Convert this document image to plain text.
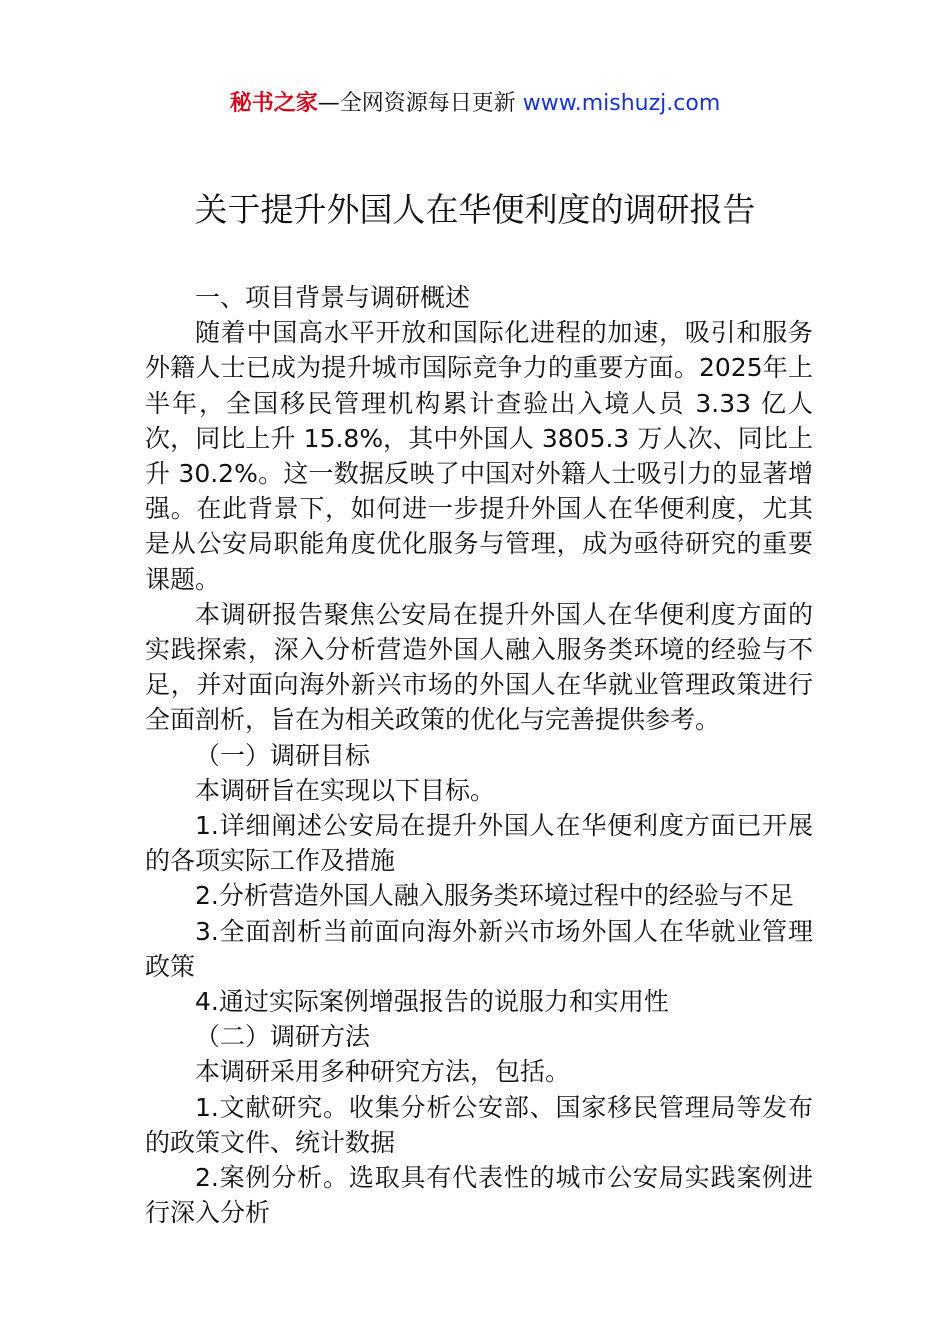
秘书之家—全网资源每日更新 www.mishuzj.com
关于提升外国人在华便利度的调研报告

一、项目背景与调研概述

随着中国高水平开放和国际化进程的加速，吸引和服务外籍人士已成为提升城市国际竞争力的重要方面。2025年上半年，全国移民管理机构累计查验出入境人员 3.33 亿人次，同比上升 15.8%，其中外国人 3805.3 万人次、同比上升 30.2%。这一数据反映了中国对外籍人士吸引力的显著增强。在此背景下，如何进一步提升外国人在华便利度，尤其是从公安局职能角度优化服务与管理，成为亟待研究的重要课题。

本调研报告聚焦公安局在提升外国人在华便利度方面的实践探索，深入分析营造外国人融入服务类环境的经验与不足，并对面向海外新兴市场的外国人在华就业管理政策进行全面剖析，旨在为相关政策的优化与完善提供参考。

（一）调研目标

本调研旨在实现以下目标。

1.详细阐述公安局在提升外国人在华便利度方面已开展的各项实际工作及措施

2.分析营造外国人融入服务类环境过程中的经验与不足

3.全面剖析当前面向海外新兴市场外国人在华就业管理政策

4.通过实际案例增强报告的说服力和实用性

（二）调研方法

本调研采用多种研究方法，包括。

1.文献研究。收集分析公安部、国家移民管理局等发布的政策文件、统计数据

2.案例分析。选取具有代表性的城市公安局实践案例进行深入分析
